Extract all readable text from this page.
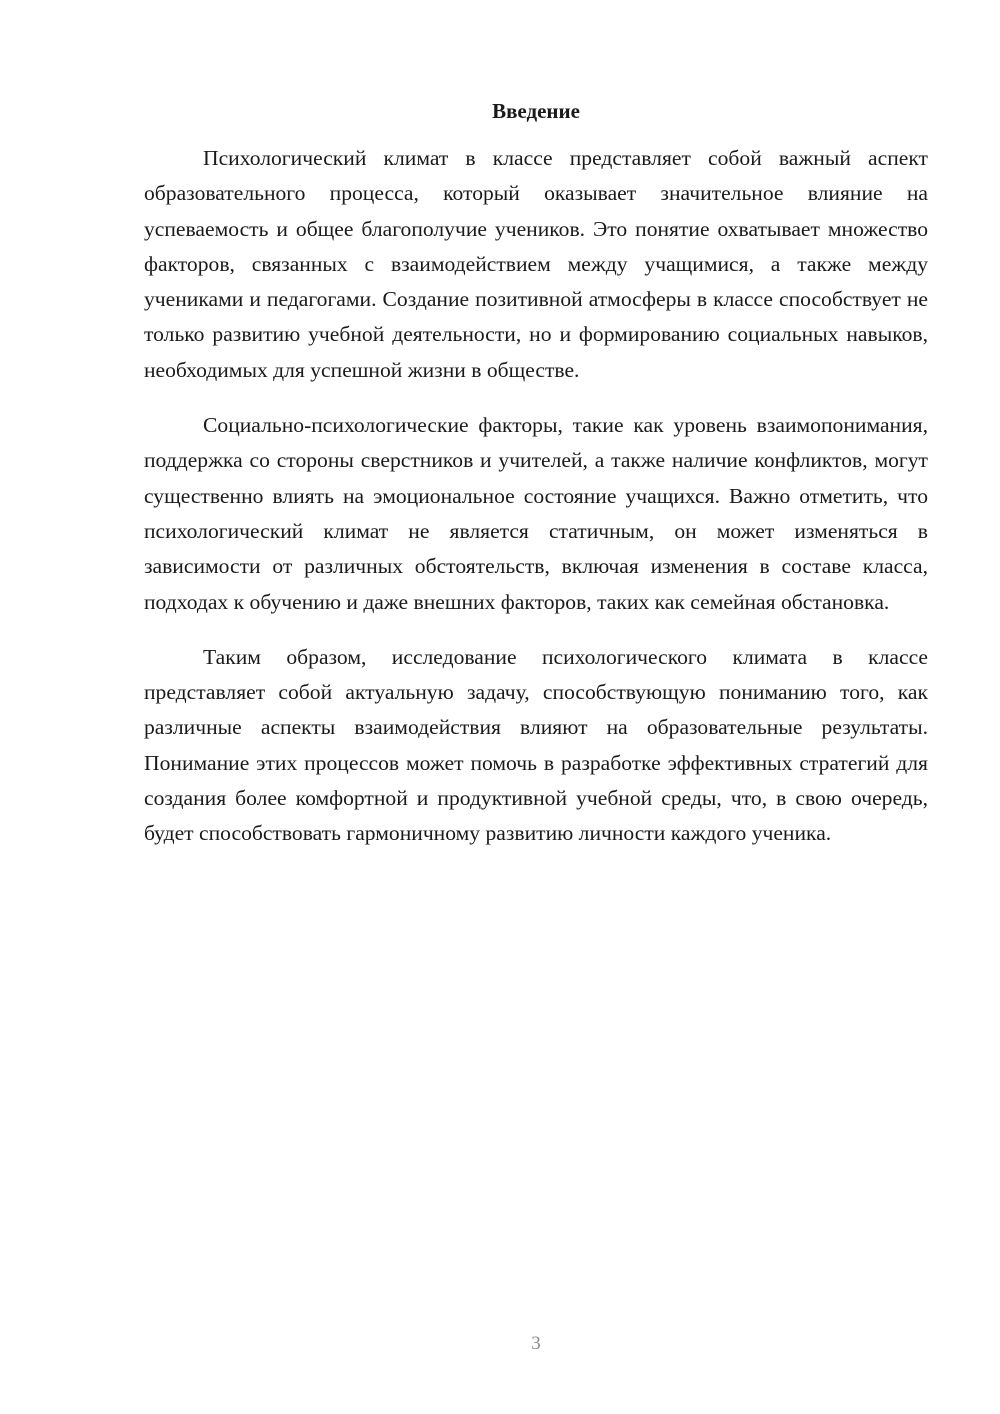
Введение

Психологический климат в классе представляет собой важный аспект образовательного процесса, который оказывает значительное влияние на успеваемость и общее благополучие учеников. Это понятие охватывает множество факторов, связанных с взаимодействием между учащимися, а также между учениками и педагогами. Создание позитивной атмосферы в классе способствует не только развитию учебной деятельности, но и формированию социальных навыков, необходимых для успешной жизни в обществе.

Социально-психологические факторы, такие как уровень взаимопонимания, поддержка со стороны сверстников и учителей, а также наличие конфликтов, могут существенно влиять на эмоциональное состояние учащихся. Важно отметить, что психологический климат не является статичным, он может изменяться в зависимости от различных обстоятельств, включая изменения в составе класса, подходах к обучению и даже внешних факторов, таких как семейная обстановка.

Таким образом, исследование психологического климата в классе представляет собой актуальную задачу, способствующую пониманию того, как различные аспекты взаимодействия влияют на образовательные результаты. Понимание этих процессов может помочь в разработке эффективных стратегий для создания более комфортной и продуктивной учебной среды, что, в свою очередь, будет способствовать гармоничному развитию личности каждого ученика.

3
